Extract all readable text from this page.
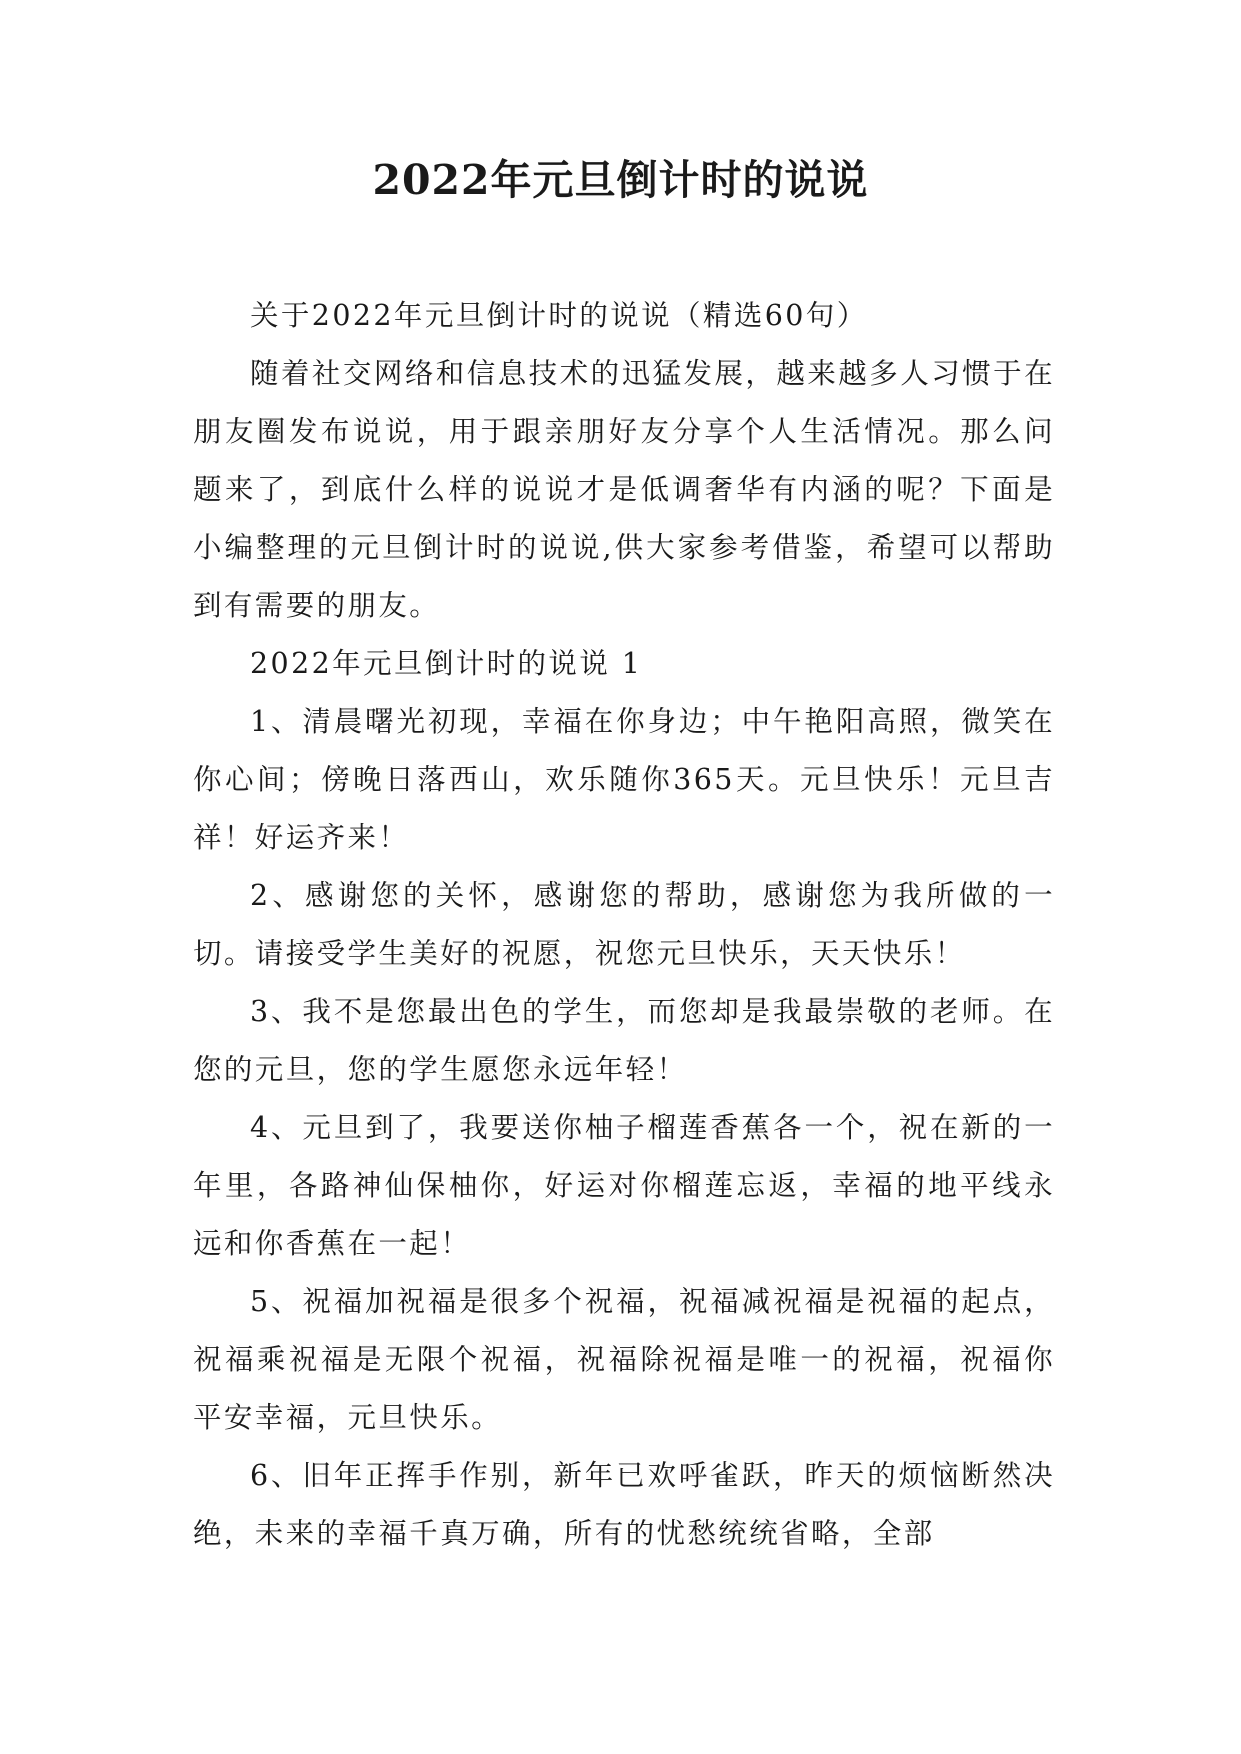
2022年元旦倒计时的说说

关于2022年元旦倒计时的说说（精选60句）

随着社交网络和信息技术的迅猛发展，越来越多人习惯于在朋友圈发布说说，用于跟亲朋好友分享个人生活情况。那么问题来了，到底什么样的说说才是低调奢华有内涵的呢？下面是小编整理的元旦倒计时的说说,供大家参考借鉴，希望可以帮助到有需要的朋友。

2022年元旦倒计时的说说 1

1、清晨曙光初现，幸福在你身边；中午艳阳高照，微笑在你心间；傍晚日落西山，欢乐随你365天。元旦快乐！元旦吉祥！好运齐来！

2、感谢您的关怀，感谢您的帮助，感谢您为我所做的一切。请接受学生美好的祝愿，祝您元旦快乐，天天快乐！

3、我不是您最出色的学生，而您却是我最崇敬的老师。在您的元旦，您的学生愿您永远年轻！

4、元旦到了，我要送你柚子榴莲香蕉各一个，祝在新的一年里，各路神仙保柚你，好运对你榴莲忘返，幸福的地平线永远和你香蕉在一起！

5、祝福加祝福是很多个祝福，祝福减祝福是祝福的起点，祝福乘祝福是无限个祝福，祝福除祝福是唯一的祝福，祝福你平安幸福，元旦快乐。

6、旧年正挥手作别，新年已欢呼雀跃，昨天的烦恼断然决绝，未来的幸福千真万确，所有的忧愁统统省略，全部
